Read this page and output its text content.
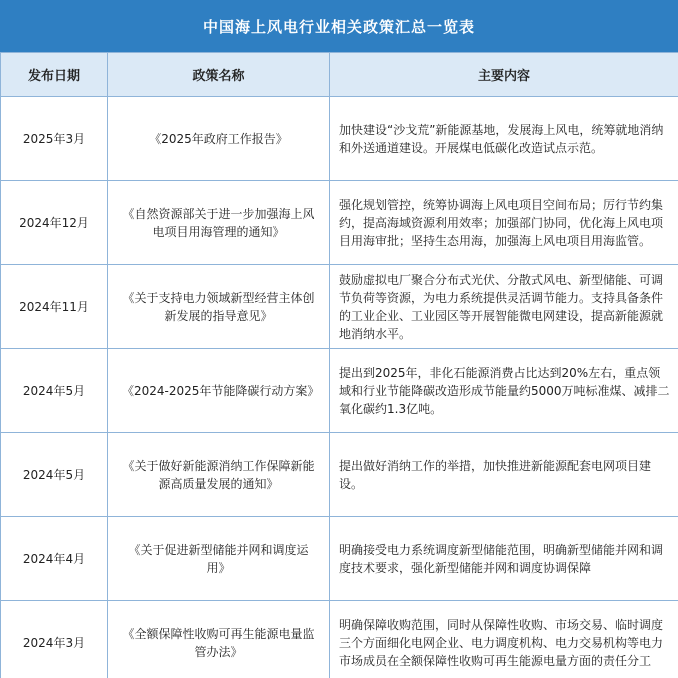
中国海上风电行业相关政策汇总一览表
发布日期	政策名称	主要内容
2025年3月	《2025年政府工作报告》	加快建设“沙戈荒”新能源基地，发展海上风电，统筹就地消纳和外送通道建设。开展煤电低碳化改造试点示范。
2024年12月	《自然资源部关于进一步加强海上风电项目用海管理的通知》	强化规划管控，统筹协调海上风电项目空间布局；厉行节约集约，提高海域资源利用效率；加强部门协同，优化海上风电项目用海审批；坚持生态用海，加强海上风电项目用海监管。
2024年11月	《关于支持电力领域新型经营主体创新发展的指导意见》	鼓励虚拟电厂聚合分布式光伏、分散式风电、新型储能、可调节负荷等资源，为电力系统提供灵活调节能力。支持具备条件的工业企业、工业园区等开展智能微电网建设，提高新能源就地消纳水平。
2024年5月	《2024-2025年节能降碳行动方案》	提出到2025年，非化石能源消费占比达到20%左右，重点领域和行业节能降碳改造形成节能量约5000万吨标准煤、减排二氧化碳约1.3亿吨。
2024年5月	《关于做好新能源消纳工作保障新能源高质量发展的通知》	提出做好消纳工作的举措，加快推进新能源配套电网项目建设。
2024年4月	《关于促进新型储能并网和调度运用》	明确接受电力系统调度新型储能范围，明确新型储能并网和调度技术要求，强化新型储能并网和调度协调保障
2024年3月	《全额保障性收购可再生能源电量监管办法》	明确保障收购范围，同时从保障性收购、市场交易、临时调度三个方面细化电网企业、电力调度机构、电力交易机构等电力市场成员在全额保障性收购可再生能源电量方面的责任分工
